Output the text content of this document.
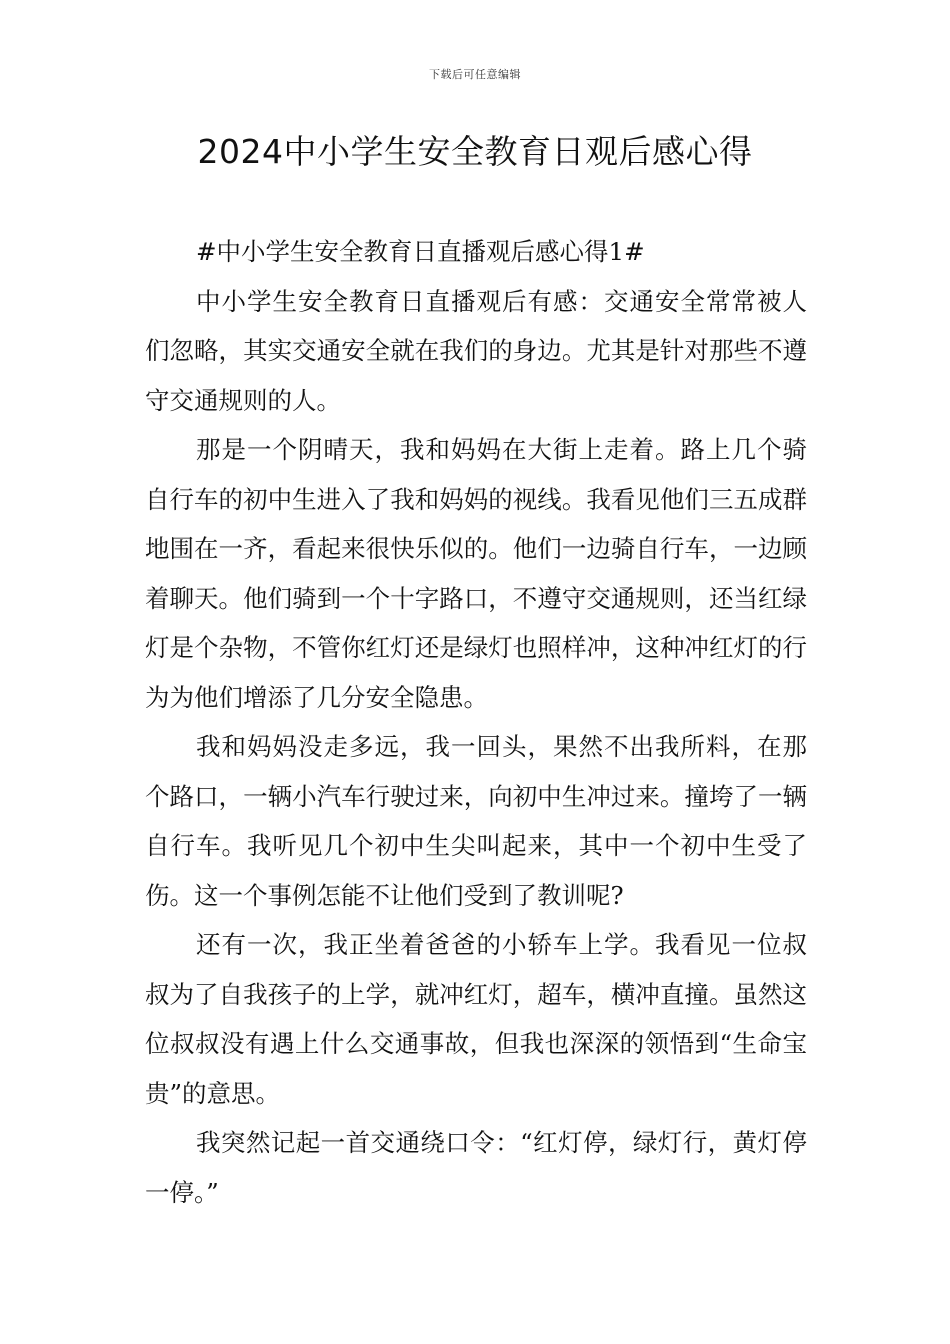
下载后可任意编辑
2024中小学生安全教育日观后感心得

#中小学生安全教育日直播观后感心得1#

中小学生安全教育日直播观后有感：交通安全常常被人们忽略，其实交通安全就在我们的身边。尤其是针对那些不遵守交通规则的人。

那是一个阴晴天，我和妈妈在大街上走着。路上几个骑自行车的初中生进入了我和妈妈的视线。我看见他们三五成群地围在一齐，看起来很快乐似的。他们一边骑自行车，一边顾着聊天。他们骑到一个十字路口，不遵守交通规则，还当红绿灯是个杂物，不管你红灯还是绿灯也照样冲，这种冲红灯的行为为他们增添了几分安全隐患。

我和妈妈没走多远，我一回头，果然不出我所料，在那个路口，一辆小汽车行驶过来，向初中生冲过来。撞垮了一辆自行车。我听见几个初中生尖叫起来，其中一个初中生受了伤。这一个事例怎能不让他们受到了教训呢?

还有一次，我正坐着爸爸的小轿车上学。我看见一位叔叔为了自我孩子的上学，就冲红灯，超车，横冲直撞。虽然这位叔叔没有遇上什么交通事故，但我也深深的领悟到“生命宝贵”的意思。

我突然记起一首交通绕口令：“红灯停，绿灯行，黄灯停一停。”
